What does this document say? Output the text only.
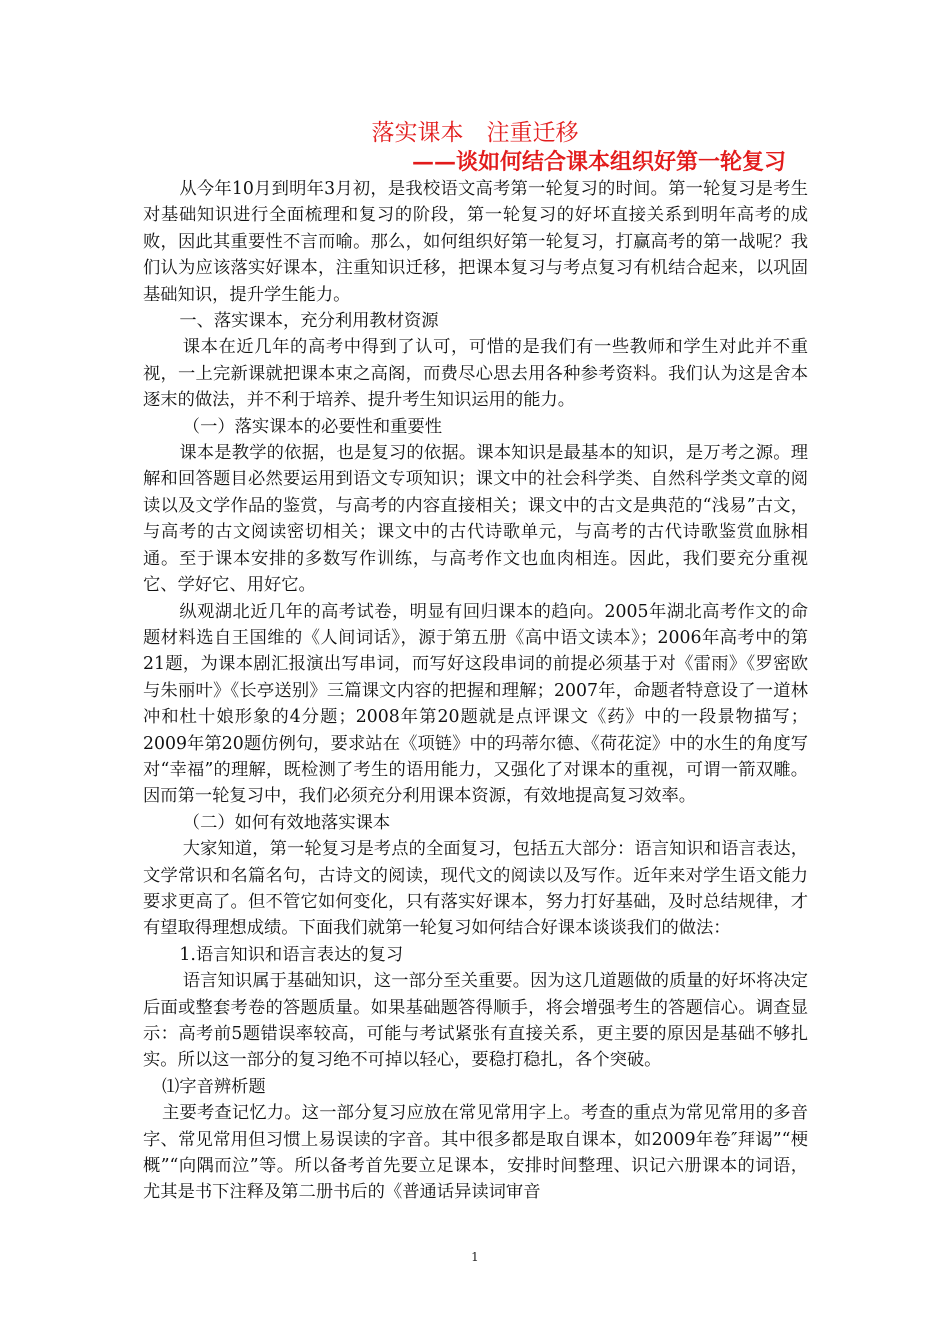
落实课本　注重迁移
——谈如何结合课本组织好第一轮复习

从今年10月到明年3月初，是我校语文高考第一轮复习的时间。第一轮复习是考生对基础知识进行全面梳理和复习的阶段，第一轮复习的好坏直接关系到明年高考的成败，因此其重要性不言而喻。那么，如何组织好第一轮复习，打赢高考的第一战呢？我们认为应该落实好课本，注重知识迁移，把课本复习与考点复习有机结合起来，以巩固基础知识，提升学生能力。

一、落实课本，充分利用教材资源

课本在近几年的高考中得到了认可，可惜的是我们有一些教师和学生对此并不重视，一上完新课就把课本束之高阁，而费尽心思去用各种参考资料。我们认为这是舍本逐末的做法，并不利于培养、提升考生知识运用的能力。

（一）落实课本的必要性和重要性

课本是教学的依据，也是复习的依据。课本知识是最基本的知识，是万考之源。理解和回答题目必然要运用到语文专项知识；课文中的社会科学类、自然科学类文章的阅读以及文学作品的鉴赏，与高考的内容直接相关；课文中的古文是典范的“浅易”古文，与高考的古文阅读密切相关；课文中的古代诗歌单元，与高考的古代诗歌鉴赏血脉相通。至于课本安排的多数写作训练，与高考作文也血肉相连。因此，我们要充分重视它、学好它、用好它。

纵观湖北近几年的高考试卷，明显有回归课本的趋向。2005年湖北高考作文的命题材料选自王国维的《人间词话》，源于第五册《高中语文读本》；2006年高考中的第21题，为课本剧汇报演出写串词，而写好这段串词的前提必须基于对《雷雨》《罗密欧与朱丽叶》《长亭送别》三篇课文内容的把握和理解；2007年，命题者特意设了一道林冲和杜十娘形象的4分题；2008年第20题就是点评课文《药》中的一段景物描写；2009年第20题仿例句，要求站在《项链》中的玛蒂尔德、《荷花淀》中的水生的角度写对“幸福”的理解，既检测了考生的语用能力，又强化了对课本的重视，可谓一箭双雕。因而第一轮复习中，我们必须充分利用课本资源，有效地提高复习效率。

（二）如何有效地落实课本

大家知道，第一轮复习是考点的全面复习，包括五大部分：语言知识和语言表达，文学常识和名篇名句，古诗文的阅读，现代文的阅读以及写作。近年来对学生语文能力要求更高了。但不管它如何变化，只有落实好课本，努力打好基础，及时总结规律，才有望取得理想成绩。下面我们就第一轮复习如何结合好课本谈谈我们的做法：

1.语言知识和语言表达的复习

语言知识属于基础知识，这一部分至关重要。因为这几道题做的质量的好坏将决定后面或整套考卷的答题质量。如果基础题答得顺手，将会增强考生的答题信心。调查显示：高考前5题错误率较高，可能与考试紧张有直接关系，更主要的原因是基础不够扎实。所以这一部分的复习绝不可掉以轻心，要稳打稳扎，各个突破。

⑴字音辨析题

主要考查记忆力。这一部分复习应放在常见常用字上。考查的重点为常见常用的多音字、常见常用但习惯上易误读的字音。其中很多都是取自课本，如2009年卷″拜谒”“梗概”“向隅而泣”等。所以备考首先要立足课本，安排时间整理、识记六册课本的词语，尤其是书下注释及第二册书后的《普通话异读词审音

1
